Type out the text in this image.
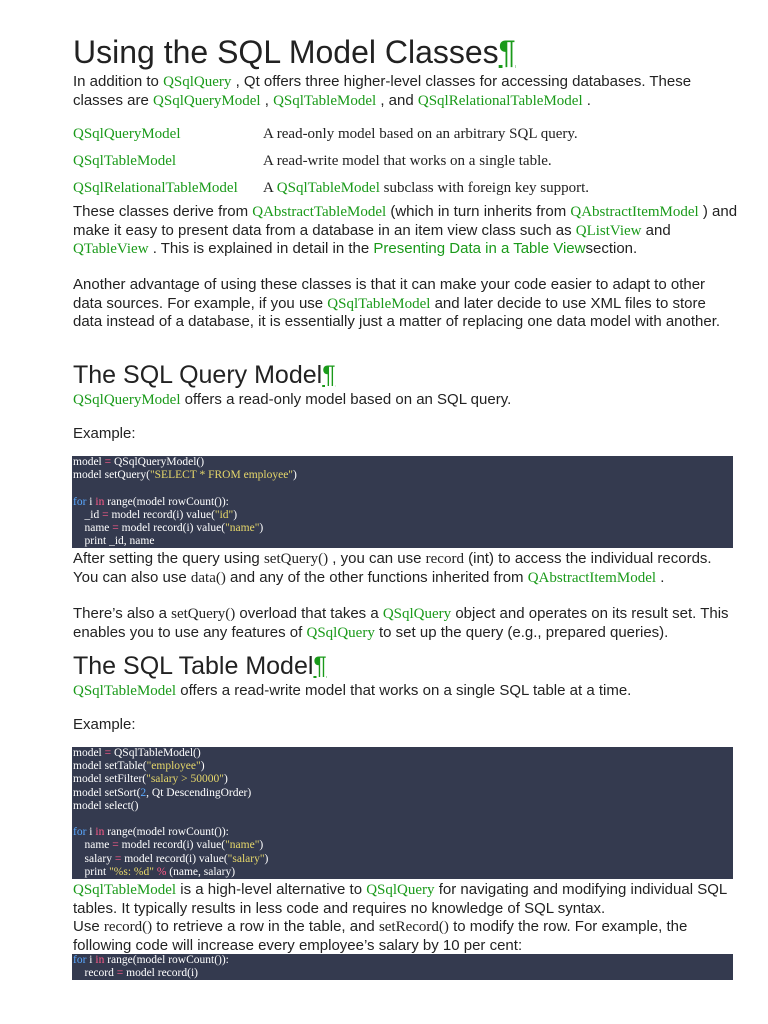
Using the SQL Model Classes¶

In addition to QSqlQuery , Qt offers three higher-level classes for accessing databases. These classes are QSqlQueryModel , QSqlTableModel , and QSqlRelationalTableModel .

QSqlQueryModel	A read-only model based on an arbitrary SQL query.
QSqlTableModel	A read-write model that works on a single table.
QSqlRelationalTableModel A QSqlTableModel subclass with foreign key support.

These classes derive from QAbstractTableModel (which in turn inherits from QAbstractItemModel ) and make it easy to present data from a database in an item view class such as QListView and QTableView . This is explained in detail in the Presenting Data in a Table Viewsection.

Another advantage of using these classes is that it can make your code easier to adapt to other data sources. For example, if you use QSqlTableModel and later decide to use XML files to store data instead of a database, it is essentially just a matter of replacing one data model with another.

The SQL Query Model¶

QSqlQueryModel offers a read-only model based on an SQL query.

Example:

model = QSqlQueryModel()
model setQuery("SELECT * FROM employee")
for i in range(model rowCount()):
_id = model record(i) value("id")
name = model record(i) value("name")
print _id, name

After setting the query using setQuery() , you can use record (int) to access the individual records. You can also use data() and any of the other functions inherited from QAbstractItemModel .

There’s also a setQuery() overload that takes a QSqlQuery object and operates on its result set. This enables you to use any features of QSqlQuery to set up the query (e.g., prepared queries).

The SQL Table Model¶

QSqlTableModel offers a read-write model that works on a single SQL table at a time.

Example:

model = QSqlTableModel()
model setTable("employee")
model setFilter("salary > 50000")
model setSort(2, Qt DescendingOrder)
model select()
for i in range(model rowCount()):
name = model record(i) value("name")
salary = model record(i) value("salary")
print "%s: %d" % (name, salary)

QSqlTableModel is a high-level alternative to QSqlQuery for navigating and modifying individual SQL tables. It typically results in less code and requires no knowledge of SQL syntax.

Use record() to retrieve a row in the table, and setRecord() to modify the row. For example, the following code will increase every employee’s salary by 10 per cent:

for i in range(model rowCount()):
record = model record(i)
